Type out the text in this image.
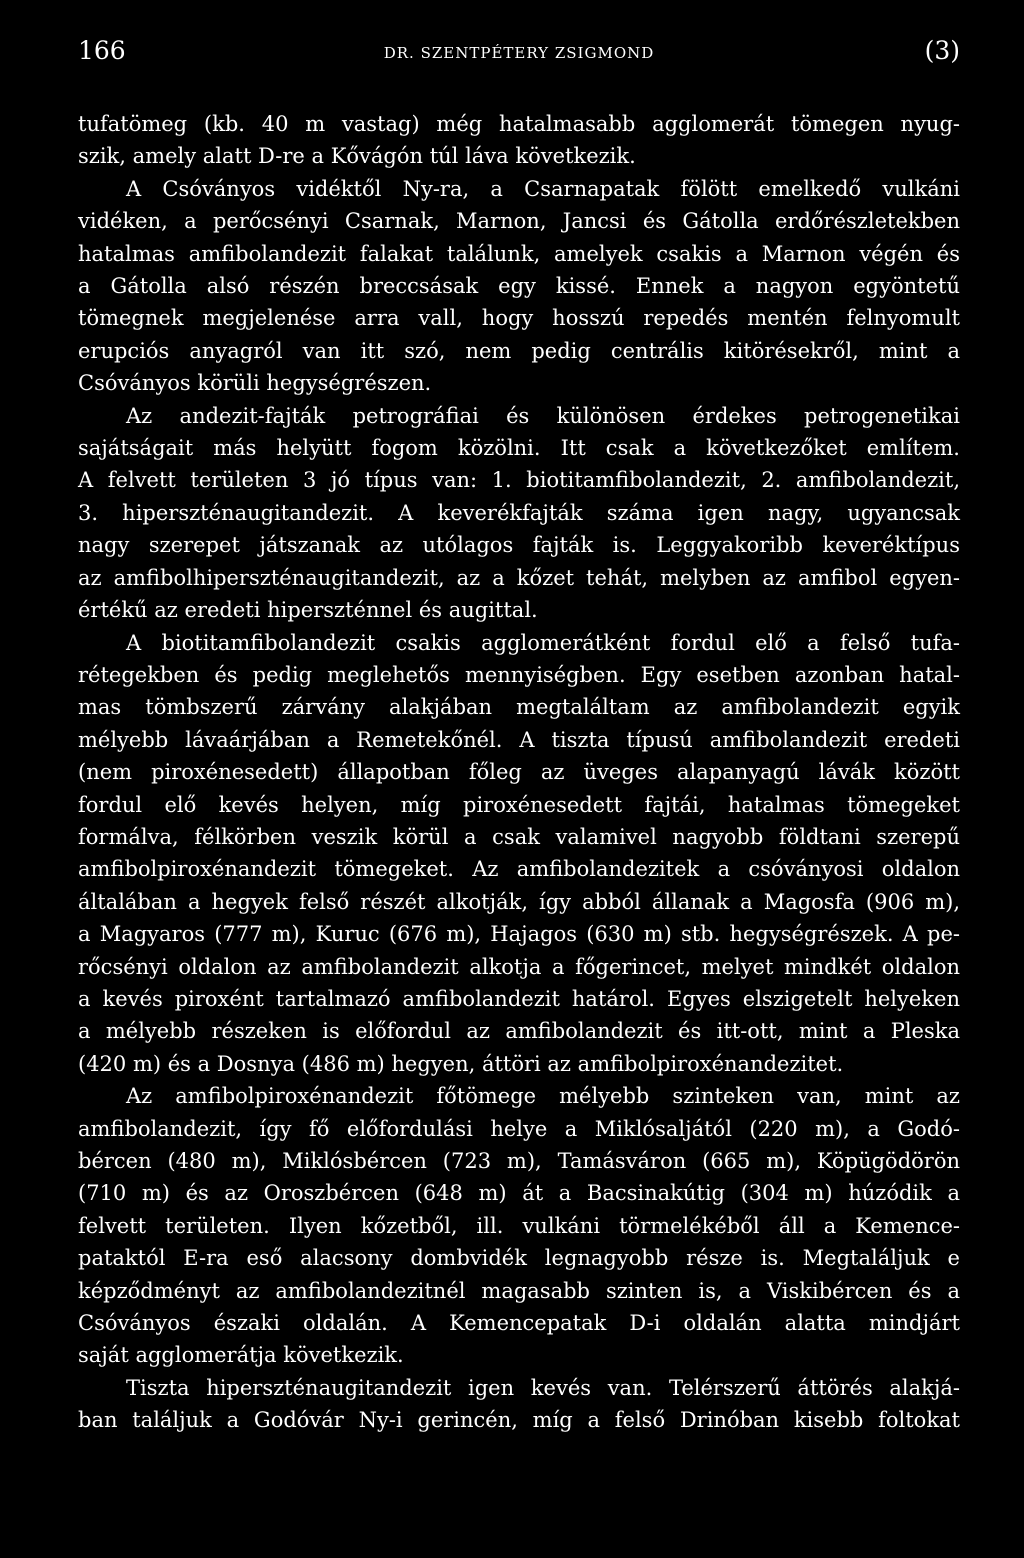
166	DR. SZENTPÉTERY ZSIGMOND	(3)

tufatömeg (kb. 40 m vastag) még hatalmasabb agglomerát tömegen nyug-
szik, amely alatt D-re a Kővágón túl láva következik.

A Csóványos vidéktől Ny-ra, a Csarnapatak fölött emelkedő vulkáni
vidéken, a perőcsényi Csarnak, Marnon, Jancsi és Gátolla erdőrészletekben
hatalmas amfibolandezit falakat találunk, amelyek csakis a Marnon végén és
a Gátolla alsó részén breccsásak egy kissé. Ennek a nagyon egyöntetű
tömegnek megjelenése arra vall, hogy hosszú repedés mentén felnyomult
erupciós anyagról van itt szó, nem pedig centrális kitörésekről, mint a
Csóványos körüli hegységrészen.

Az andezit-fajták petrográfiai és különösen érdekes petrogenetikai
sajátságait más helyütt fogom közölni. Itt csak a következőket említem.
A felvett területen 3 jó típus van: 1. biotitamfibolandezit, 2. amfibolandezit,
3. hiperszténaugitandezit. A keverékfajták száma igen nagy, ugyancsak
nagy szerepet játszanak az utólagos fajták is. Leggyakoribb keveréktípus
az amfibolhiperszténaugitandezit, az a kőzet tehát, melyben az amfibol egyen-
értékű az eredeti hiperszténnel és augittal.

A biotitamfibolandezit csakis agglomerátként fordul elő a felső tufa-
rétegekben és pedig meglehetős mennyiségben. Egy esetben azonban hatal-
mas tömbszerű zárvány alakjában megtaláltam az amfibolandezit egyik
mélyebb lávaárjában a Remetekőnél. A tiszta típusú amfibolandezit eredeti
(nem piroxénesedett) állapotban főleg az üveges alapanyagú lávák között
fordul elő kevés helyen, míg piroxénesedett fajtái, hatalmas tömegeket
formálva, félkörben veszik körül a csak valamivel nagyobb földtani szerepű
amfibolpiroxénandezit tömegeket. Az amfibolandezitek a csóványosi oldalon
általában a hegyek felső részét alkotják, így abból állanak a Magosfa (906 m),
a Magyaros (777 m), Kuruc (676 m), Hajagos (630 m) stb. hegységrészek. A pe-
rőcsényi oldalon az amfibolandezit alkotja a főgerincet, melyet mindkét oldalon
a kevés piroxént tartalmazó amfibolandezit határol. Egyes elszigetelt helyeken
a mélyebb részeken is előfordul az amfibolandezit és itt-ott, mint a Pleska
(420 m) és a Dosnya (486 m) hegyen, áttöri az amfibolpiroxénandezitet.

Az amfibolpiroxénandezit főtömege mélyebb szinteken van, mint az
amfibolandezit, így fő előfordulási helye a Miklósaljától (220 m), a Godó-
bércen (480 m), Miklósbércen (723 m), Tamásváron (665 m), Köpügödörön
(710 m) és az Oroszbércen (648 m) át a Bacsinakútig (304 m) húzódik a
felvett területen. Ilyen kőzetből, ill. vulkáni törmelékéből áll a Kemence-
pataktól E-ra eső alacsony dombvidék legnagyobb része is. Megtaláljuk e
képződményt az amfibolandezitnél magasabb szinten is, a Viskibércen és a
Csóványos északi oldalán. A Kemencepatak D-i oldalán alatta mindjárt
saját agglomerátja következik.

Tiszta hiperszténaugitandezit igen kevés van. Telérszerű áttörés alakjá-
ban találjuk a Godóvár Ny-i gerincén, míg a felső Drinóban kisebb foltokat
